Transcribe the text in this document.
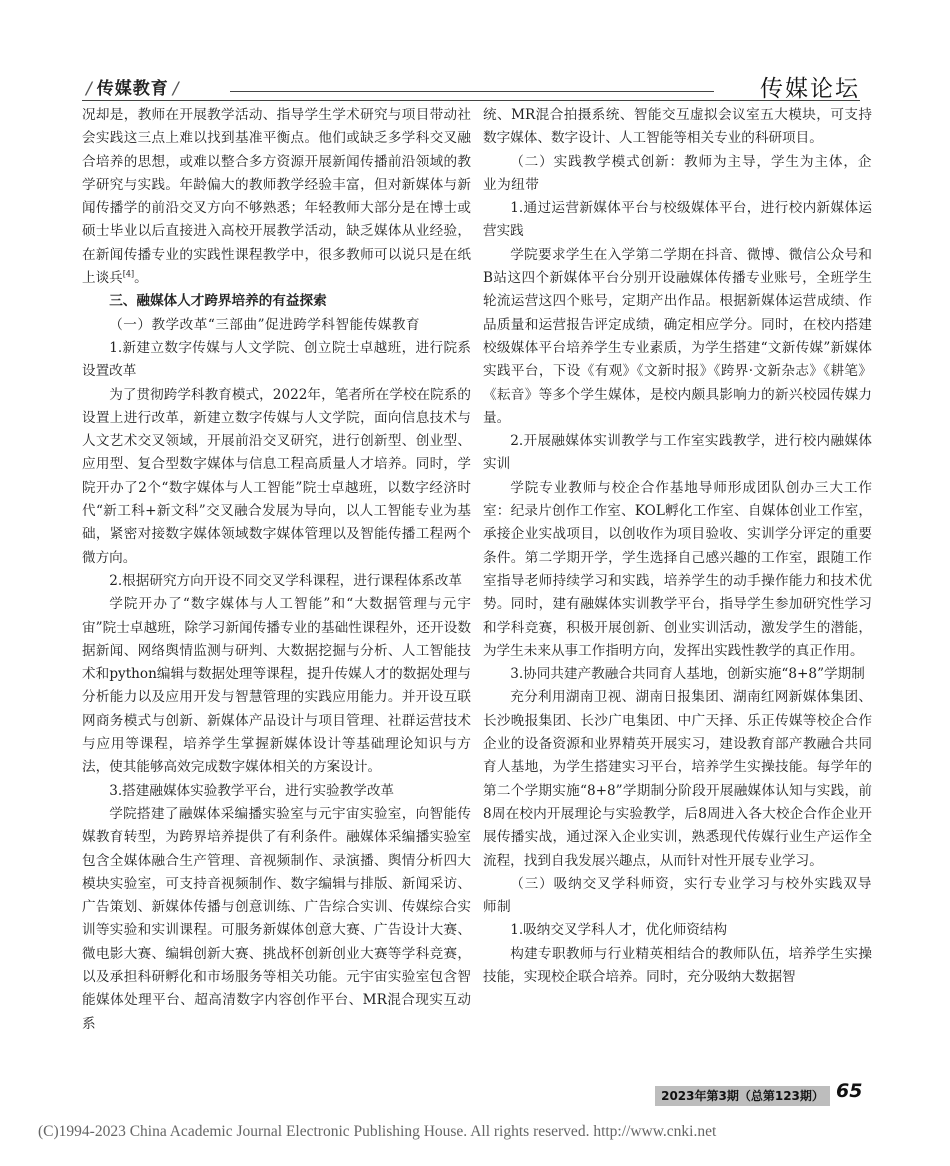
/ 传媒教育 /	传媒论坛

况却是，教师在开展教学活动、指导学生学术研究与项目带动社会实践这三点上难以找到基准平衡点。他们或缺乏多学科交叉融合培养的思想，或难以整合多方资源开展新闻传播前沿领域的教学研究与实践。年龄偏大的教师教学经验丰富，但对新媒体与新闻传播学的前沿交叉方向不够熟悉；年轻教师大部分是在博士或硕士毕业以后直接进入高校开展教学活动，缺乏媒体从业经验，在新闻传播专业的实践性课程教学中，很多教师可以说只是在纸上谈兵[4]。

三、融媒体人才跨界培养的有益探索

（一）教学改革“三部曲”促进跨学科智能传媒教育

1.新建立数字传媒与人文学院、创立院士卓越班，进行院系设置改革

为了贯彻跨学科教育模式，2022年，笔者所在学校在院系的设置上进行改革，新建立数字传媒与人文学院，面向信息技术与人文艺术交叉领域，开展前沿交叉研究，进行创新型、创业型、应用型、复合型数字媒体与信息工程高质量人才培养。同时，学院开办了2个“数字媒体与人工智能”院士卓越班，以数字经济时代“新工科+新文科”交叉融合发展为导向，以人工智能专业为基础，紧密对接数字媒体领域数字媒体管理以及智能传播工程两个微方向。

2.根据研究方向开设不同交叉学科课程，进行课程体系改革

学院开办了“数字媒体与人工智能”和“大数据管理与元宇宙”院士卓越班，除学习新闻传播专业的基础性课程外，还开设数据新闻、网络舆情监测与研判、大数据挖掘与分析、人工智能技术和python编辑与数据处理等课程，提升传媒人才的数据处理与分析能力以及应用开发与智慧管理的实践应用能力。并开设互联网商务模式与创新、新媒体产品设计与项目管理、社群运营技术与应用等课程，培养学生掌握新媒体设计等基础理论知识与方法，使其能够高效完成数字媒体相关的方案设计。

3.搭建融媒体实验教学平台，进行实验教学改革

学院搭建了融媒体采编播实验室与元宇宙实验室，向智能传媒教育转型，为跨界培养提供了有利条件。融媒体采编播实验室包含全媒体融合生产管理、音视频制作、录演播、舆情分析四大模块实验室，可支持音视频制作、数字编辑与排版、新闻采访、广告策划、新媒体传播与创意训练、广告综合实训、传媒综合实训等实验和实训课程。可服务新媒体创意大赛、广告设计大赛、微电影大赛、编辑创新大赛、挑战杯创新创业大赛等学科竞赛，以及承担科研孵化和市场服务等相关功能。元宇宙实验室包含智能媒体处理平台、超高清数字内容创作平台、MR混合现实互动系

统、MR混合拍摄系统、智能交互虚拟会议室五大模块，可支持数字媒体、数字设计、人工智能等相关专业的科研项目。

（二）实践教学模式创新：教师为主导，学生为主体，企业为纽带

1.通过运营新媒体平台与校级媒体平台，进行校内新媒体运营实践

学院要求学生在入学第二学期在抖音、微博、微信公众号和B站这四个新媒体平台分别开设融媒体传播专业账号，全班学生轮流运营这四个账号，定期产出作品。根据新媒体运营成绩、作品质量和运营报告评定成绩，确定相应学分。同时，在校内搭建校级媒体平台培养学生专业素质，为学生搭建“文新传媒”新媒体实践平台，下设《有观》《文新时报》《跨界·文新杂志》《耕笔》《耘音》等多个学生媒体，是校内颇具影响力的新兴校园传媒力量。

2.开展融媒体实训教学与工作室实践教学，进行校内融媒体实训

学院专业教师与校企合作基地导师形成团队创办三大工作室：纪录片创作工作室、KOL孵化工作室、自媒体创业工作室，承接企业实战项目，以创收作为项目验收、实训学分评定的重要条件。第二学期开学，学生选择自己感兴趣的工作室，跟随工作室指导老师持续学习和实践，培养学生的动手操作能力和技术优势。同时，建有融媒体实训教学平台，指导学生参加研究性学习和学科竞赛，积极开展创新、创业实训活动，激发学生的潜能，为学生未来从事工作指明方向，发挥出实践性教学的真正作用。

3.协同共建产教融合共同育人基地，创新实施“8+8”学期制

充分利用湖南卫视、湖南日报集团、湖南红网新媒体集团、长沙晚报集团、长沙广电集团、中广天择、乐正传媒等校企合作企业的设备资源和业界精英开展实习，建设教育部产教融合共同育人基地，为学生搭建实习平台，培养学生实操技能。每学年的第二个学期实施“8+8”学期制分阶段开展融媒体认知与实践，前8周在校内开展理论与实验教学，后8周进入各大校企合作企业开展传播实战，通过深入企业实训，熟悉现代传媒行业生产运作全流程，找到自我发展兴趣点，从而针对性开展专业学习。

（三）吸纳交叉学科师资，实行专业学习与校外实践双导师制

1.吸纳交叉学科人才，优化师资结构

构建专职教师与行业精英相结合的教师队伍，培养学生实操技能，实现校企联合培养。同时，充分吸纳大数据智

2023年第3期（总第123期） 65
(C)1994-2023 China Academic Journal Electronic Publishing House. All rights reserved. http://www.cnki.net
